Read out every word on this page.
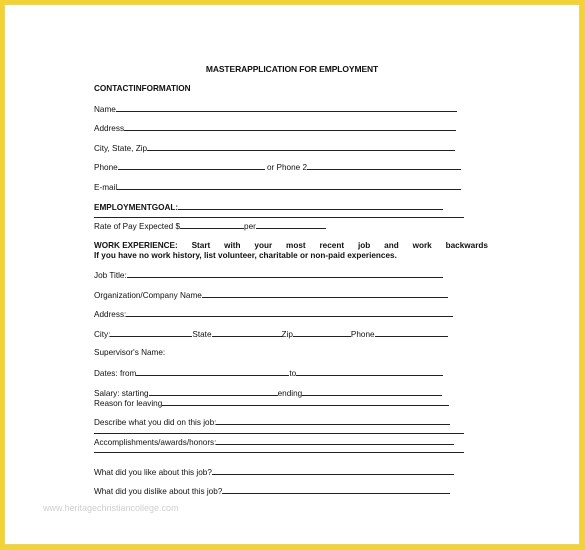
MASTERAPPLICATION FOR EMPLOYMENT
CONTACTINFORMATION
Name
Address
City, State, Zip
Phone	or Phone 2
E-mail
EMPLOYMENTGOAL:
Rate of Pay Expected $	per
WORK EXPERIENCE: Start with your most recent job and work backwards
If you have no work history, list volunteer, charitable or non-paid experiences.
Job Title:
Organization/Company Name
Address:
City:	State	Zip	Phone
Supervisor's Name:
Dates: from	to
Salary: starting	ending
Reason for leaving
Describe what you did on this job:
Accomplishments/awards/honors:
What did you like about this job?
What did you dislike about this job?
www.heritagechristiancollege.com
